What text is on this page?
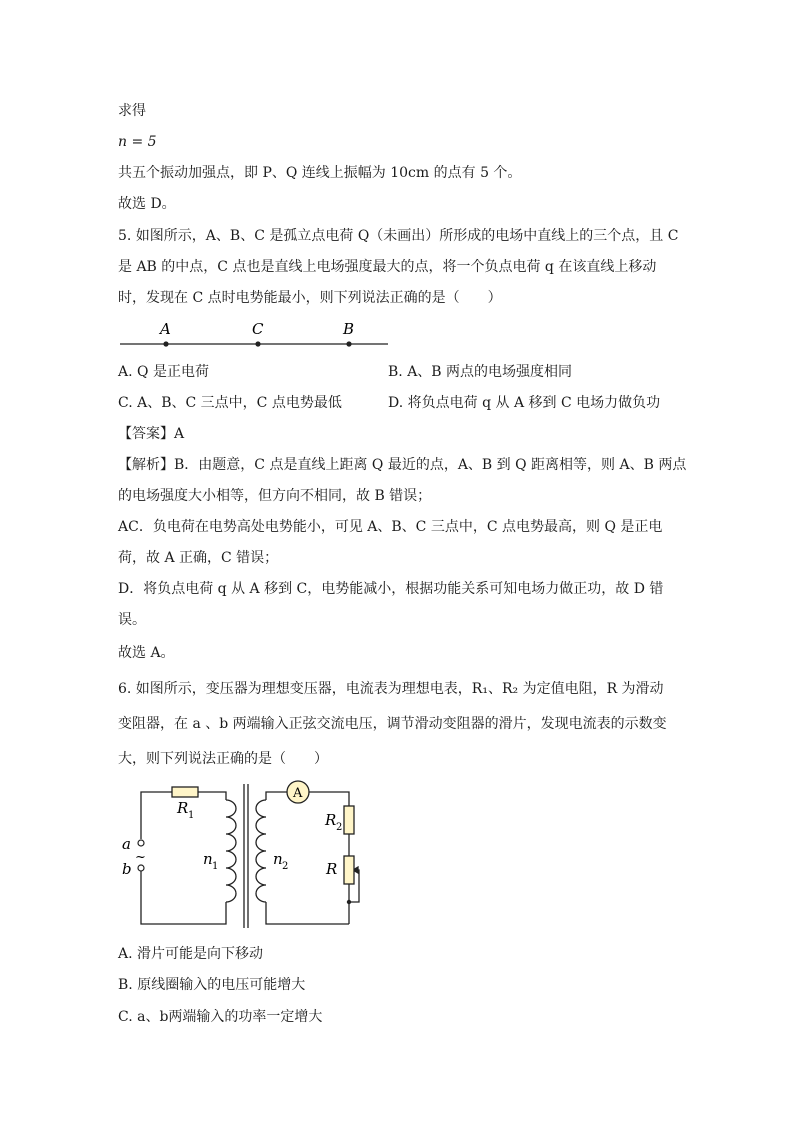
求得
n = 5
共五个振动加强点，即 P、Q 连线上振幅为 10cm 的点有 5 个。
故选 D。
5. 如图所示，A、B、C 是孤立点电荷 Q（未画出）所形成的电场中直线上的三个点，且 C
是 AB 的中点，C 点也是直线上电场强度最大的点，将一个负点电荷 q 在该直线上移动
时，发现在 C 点时电势能最小，则下列说法正确的是（　　）
A	C	B
A. Q 是正电荷	B. A、B 两点的电场强度相同
C. A、B、C 三点中，C 点电势最低	D. 将负点电荷 q 从 A 移到 C 电场力做负功
【答案】A
【解析】B．由题意，C 点是直线上距离 Q 最近的点，A、B 到 Q 距离相等，则 A、B 两点
的电场强度大小相等，但方向不相同，故 B 错误；
AC．负电荷在电势高处电势能小，可见 A、B、C 三点中，C 点电势最高，则 Q 是正电
荷，故 A 正确，C 错误；
D．将负点电荷 q 从 A 移到 C，电势能减小，根据功能关系可知电场力做正功，故 D 错
误。
故选 A。
6. 如图所示，变压器为理想变压器，电流表为理想电表，R₁、R₂ 为定值电阻，R 为滑动
变阻器，在 a 、b 两端输入正弦交流电压，调节滑动变阻器的滑片，发现电流表的示数变
大，则下列说法正确的是（　　）
A
a
~
b
R 1
n 1	n 2
R 2
R
A. 滑片可能是向下移动
B. 原线圈输入的电压可能增大
C. a、b两端输入的功率一定增大
